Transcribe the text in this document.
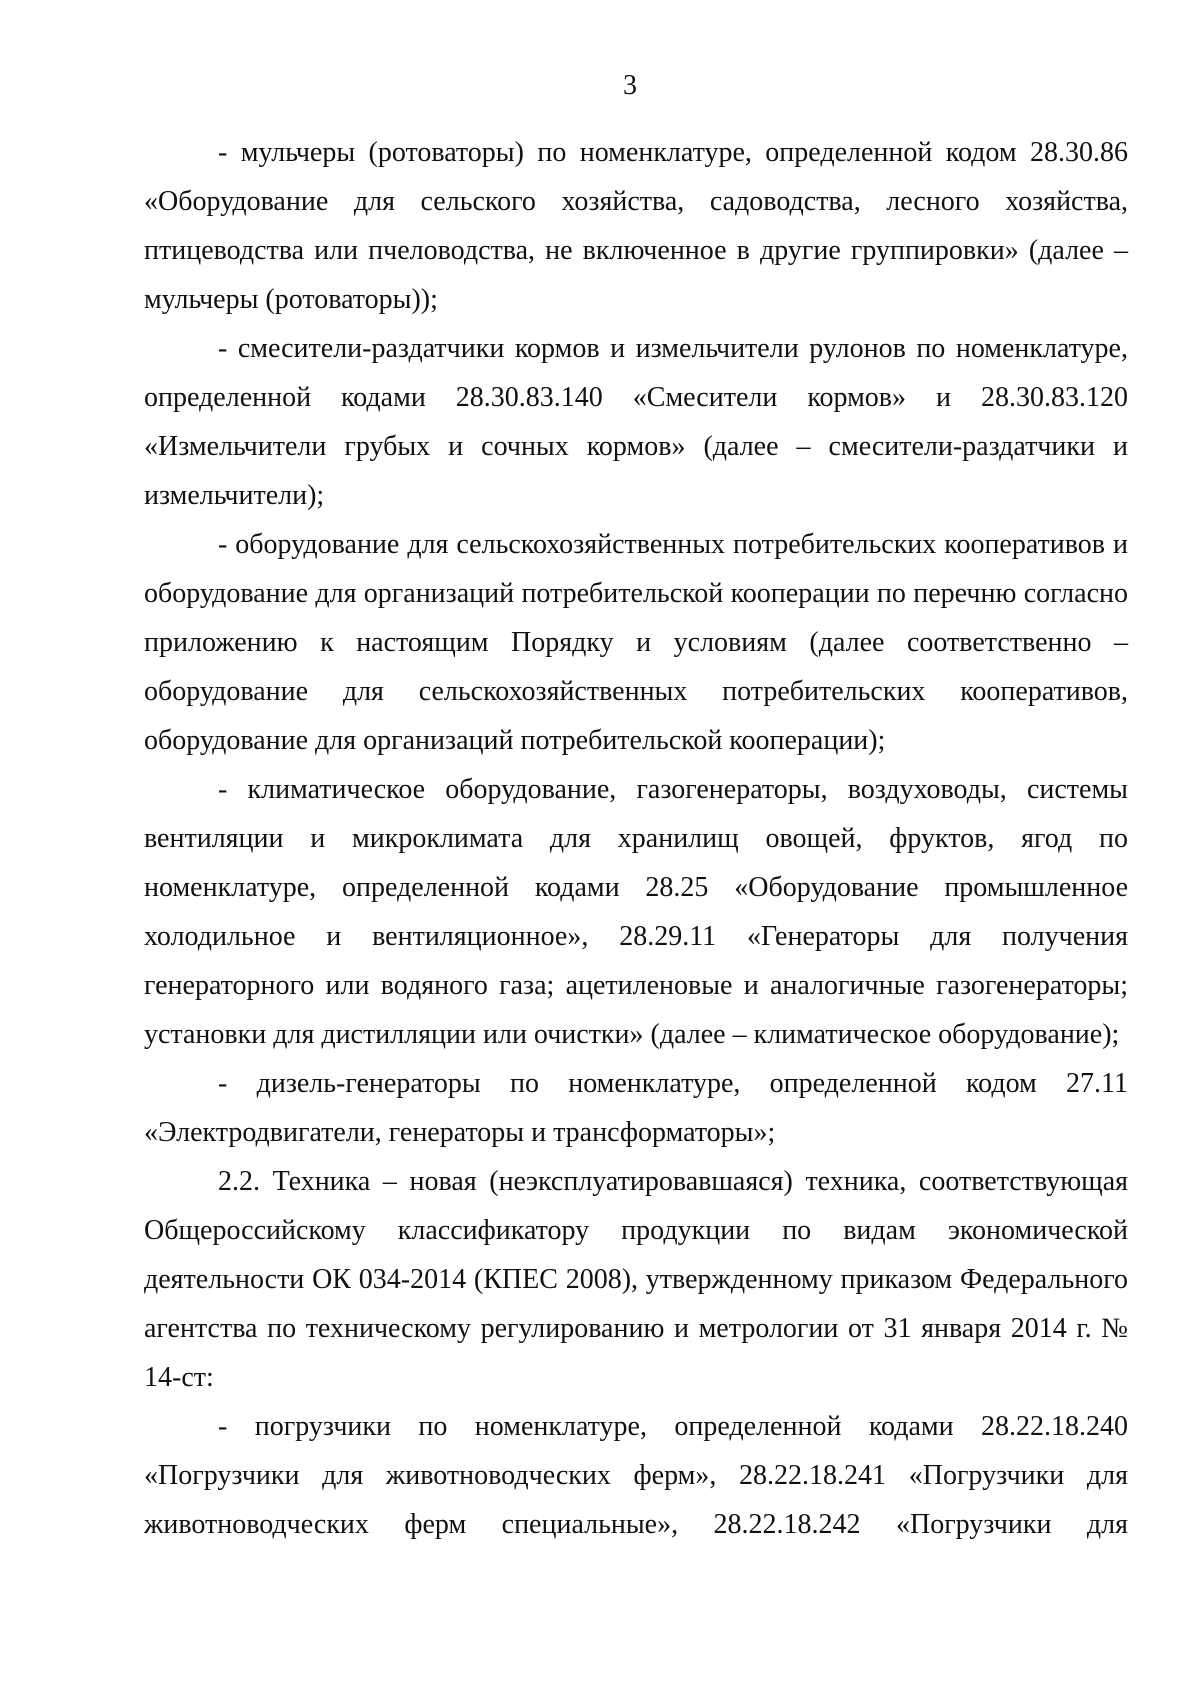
3

- мульчеры (ротоваторы) по номенклатуре, определенной кодом 28.30.86 «Оборудование для сельского хозяйства, садоводства, лесного хозяйства, птицеводства или пчеловодства, не включенное в другие группировки» (далее – мульчеры (ротоваторы));

- смесители-раздатчики кормов и измельчители рулонов по номенклатуре, определенной кодами 28.30.83.140 «Смесители кормов» и 28.30.83.120 «Измельчители грубых и сочных кормов» (далее – смесители-раздатчики и измельчители);

- оборудование для сельскохозяйственных потребительских кооперативов и оборудование для организаций потребительской кооперации по перечню согласно приложению к настоящим Порядку и условиям (далее соответственно – оборудование для сельскохозяйственных потребительских кооперативов, оборудование для организаций потребительской кооперации);

- климатическое оборудование, газогенераторы, воздуховоды, системы вентиляции и микроклимата для хранилищ овощей, фруктов, ягод по номенклатуре, определенной кодами 28.25 «Оборудование промышленное холодильное и вентиляционное», 28.29.11 «Генераторы для получения генераторного или водяного газа; ацетиленовые и аналогичные газогенераторы; установки для дистилляции или очистки» (далее – климатическое оборудование);

- дизель-генераторы по номенклатуре, определенной кодом 27.11 «Электродвигатели, генераторы и трансформаторы»;

2.2. Техника – новая (неэксплуатировавшаяся) техника, соответствующая Общероссийскому классификатору продукции по видам экономической деятельности ОК 034-2014 (КПЕС 2008), утвержденному приказом Федерального агентства по техническому регулированию и метрологии от 31 января 2014 г. № 14-ст:

- погрузчики по номенклатуре, определенной кодами 28.22.18.240 «Погрузчики для животноводческих ферм», 28.22.18.241 «Погрузчики для животноводческих ферм специальные», 28.22.18.242 «Погрузчики для
